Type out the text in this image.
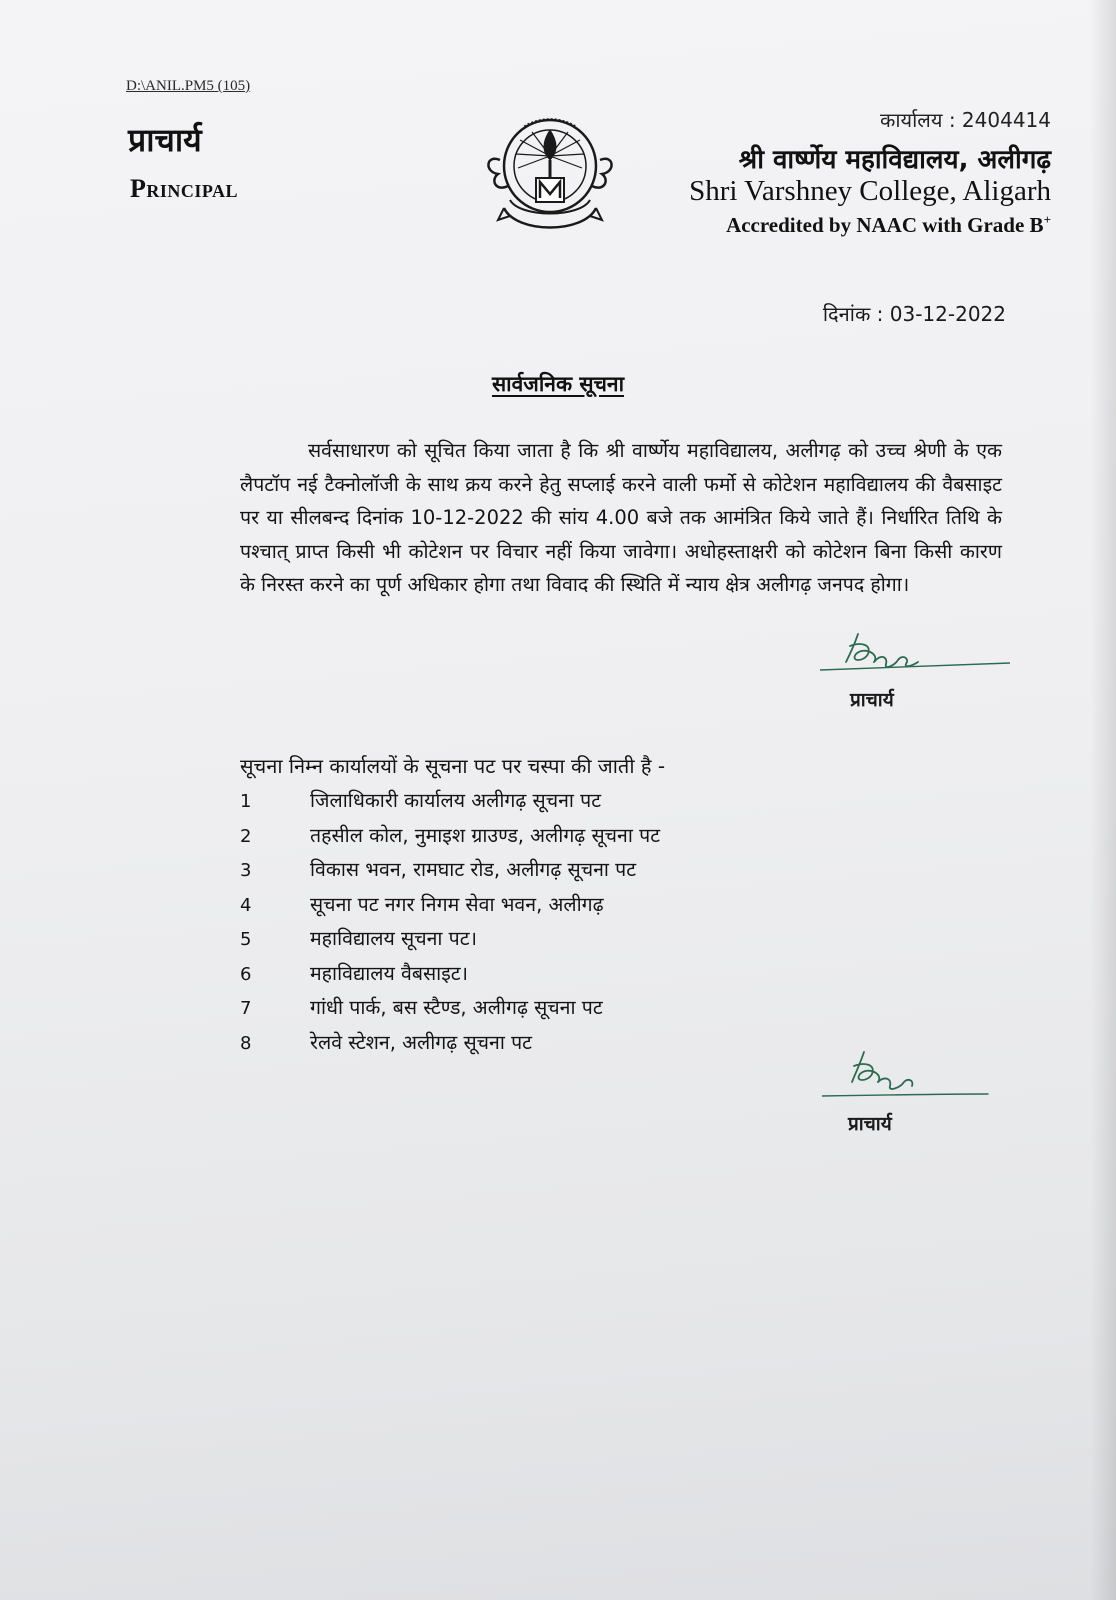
D:\ANIL.PM5 (105)
प्राचार्य
Principal
कार्यालय : 2404414
श्री वार्ष्णेय महाविद्यालय, अलीगढ़
Shri Varshney College, Aligarh
Accredited by NAAC with Grade B+
दिनांक : 03-12-2022
सार्वजनिक सूचना

सर्वसाधारण को सूचित किया जाता है कि श्री वार्ष्णेय महाविद्यालय, अलीगढ़ को उच्च श्रेणी के एक लैपटॉप नई टैक्नोलॉजी के साथ क्रय करने हेतु सप्लाई करने वाली फर्मो से कोटेशन महाविद्यालय की वैबसाइट पर या सीलबन्द दिनांक 10-12-2022 की सांय 4.00 बजे तक आमंत्रित किये जाते हैं। निर्धारित तिथि के पश्चात् प्राप्त किसी भी कोटेशन पर विचार नहीं किया जावेगा। अधोहस्ताक्षरी को कोटेशन बिना किसी कारण के निरस्त करने का पूर्ण अधिकार होगा तथा विवाद की स्थिति में न्याय क्षेत्र अलीगढ़ जनपद होगा।

प्राचार्य
सूचना निम्न कार्यालयों के सूचना पट पर चस्पा की जाती है -
1	जिलाधिकारी कार्यालय अलीगढ़ सूचना पट
2	तहसील कोल, नुमाइश ग्राउण्ड, अलीगढ़ सूचना पट
3	विकास भवन, रामघाट रोड, अलीगढ़ सूचना पट
4	सूचना पट नगर निगम सेवा भवन, अलीगढ़
5	महाविद्यालय सूचना पट।
6	महाविद्यालय वैबसाइट।
7	गांधी पार्क, बस स्टैण्ड, अलीगढ़ सूचना पट
8	रेलवे स्टेशन, अलीगढ़ सूचना पट
प्राचार्य
